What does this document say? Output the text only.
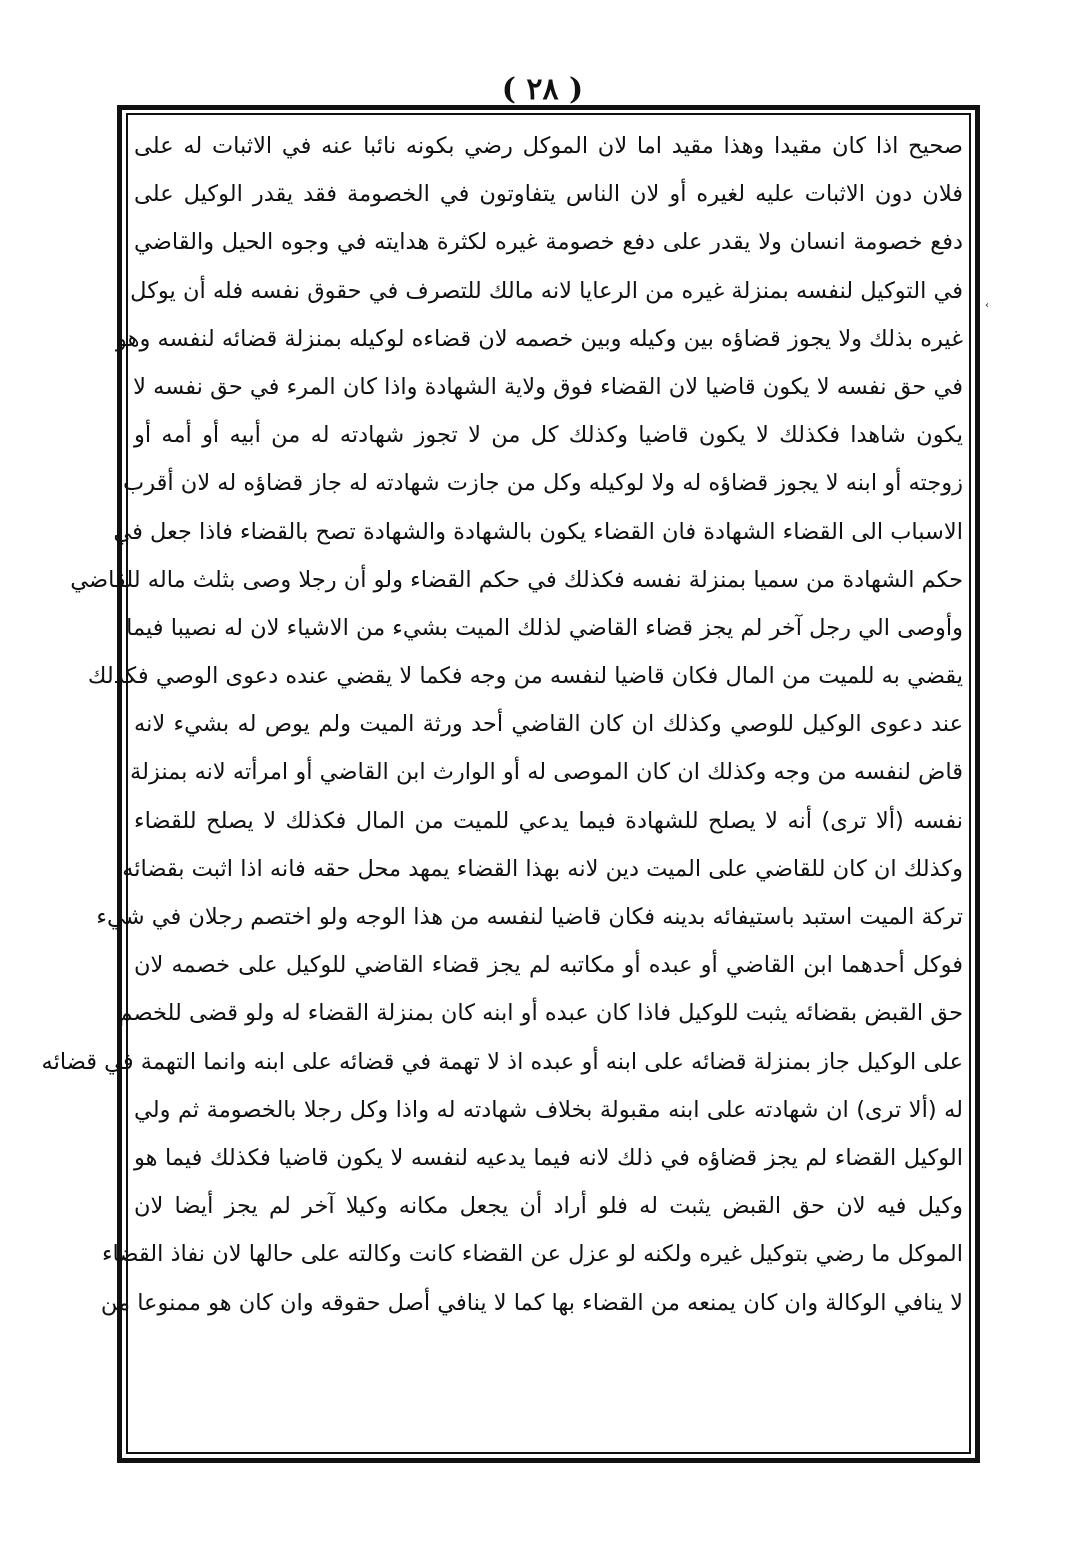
( ٢٨ )
‹
صحيح اذا كان مقيدا وهذا مقيد اما لان الموكل رضي بكونه نائبا عنه في الاثبات له على
فلان دون الاثبات عليه لغيره أو لان الناس يتفاوتون في الخصومة فقد يقدر الوكيل على
دفع خصومة انسان ولا يقدر على دفع خصومة غيره لكثرة هدايته في وجوه الحيل والقاضي
في التوكيل لنفسه بمنزلة غيره من الرعايا لانه مالك للتصرف في حقوق نفسه فله أن يوكل
غيره بذلك ولا يجوز قضاؤه بين وكيله وبين خصمه لان قضاءه لوكيله بمنزلة قضائه لنفسه وهو
في حق نفسه لا يكون قاضيا لان القضاء فوق ولاية الشهادة واذا كان المرء في حق نفسه لا
يكون شاهدا فكذلك لا يكون قاضيا وكذلك كل من لا تجوز شهادته له من أبيه أو أمه أو
زوجته أو ابنه لا يجوز قضاؤه له ولا لوكيله وكل من جازت شهادته له جاز قضاؤه له لان أقرب
الاسباب الى القضاء الشهادة فان القضاء يكون بالشهادة والشهادة تصح بالقضاء فاذا جعل في
حكم الشهادة من سميا بمنزلة نفسه فكذلك في حكم القضاء ولو أن رجلا وصى بثلث ماله للقاضي
وأوصى الي رجل آخر لم يجز قضاء القاضي لذلك الميت بشيء من الاشياء لان له نصيبا فيما
يقضي به للميت من المال فكان قاضيا لنفسه من وجه فكما لا يقضي عنده دعوى الوصي فكذلك
عند دعوى الوكيل للوصي وكذلك ان كان القاضي أحد ورثة الميت ولم يوص له بشيء لانه
قاض لنفسه من وجه وكذلك ان كان الموصى له أو الوارث ابن القاضي أو امرأته لانه بمنزلة
نفسه (ألا ترى) أنه لا يصلح للشهادة فيما يدعي للميت من المال فكذلك لا يصلح للقضاء
وكذلك ان كان للقاضي على الميت دين لانه بهذا القضاء يمهد محل حقه فانه اذا اثبت بقضائه
تركة الميت استبد باستيفائه بدينه فكان قاضيا لنفسه من هذا الوجه ولو اختصم رجلان في شيء
فوكل أحدهما ابن القاضي أو عبده أو مكاتبه لم يجز قضاء القاضي للوكيل على خصمه لان
حق القبض بقضائه يثبت للوكيل فاذا كان عبده أو ابنه كان بمنزلة القضاء له ولو قضى للخصم
على الوكيل جاز بمنزلة قضائه على ابنه أو عبده اذ لا تهمة في قضائه على ابنه وانما التهمة في قضائه
له (ألا ترى) ان شهادته على ابنه مقبولة بخلاف شهادته له واذا وكل رجلا بالخصومة ثم ولي
الوكيل القضاء لم يجز قضاؤه في ذلك لانه فيما يدعيه لنفسه لا يكون قاضيا فكذلك فيما هو
وكيل فيه لان حق القبض يثبت له فلو أراد أن يجعل مكانه وكيلا آخر لم يجز أيضا لان
الموكل ما رضي بتوكيل غيره ولكنه لو عزل عن القضاء كانت وكالته على حالها لان نفاذ القضاء
لا ينافي الوكالة وان كان يمنعه من القضاء بها كما لا ينافي أصل حقوقه وان كان هو ممنوعا من
